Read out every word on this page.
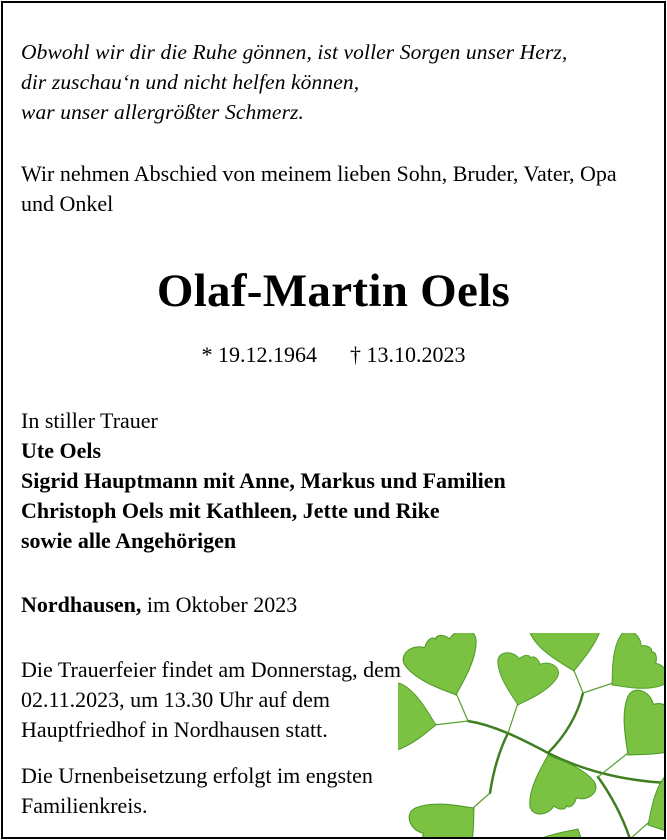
Obwohl wir dir die Ruhe gönnen, ist voller Sorgen unser Herz,
dir zuschau‘n und nicht helfen können,
war unser allergrößter Schmerz.
Wir nehmen Abschied von meinem lieben Sohn, Bruder, Vater, Opa und Onkel
Olaf-Martin Oels
* 19.12.1964 † 13.10.2023
In stiller Trauer
Ute Oels
Sigrid Hauptmann mit Anne, Markus und Familien
Christoph Oels mit Kathleen, Jette und Rike
sowie alle Angehörigen
Nordhausen, im Oktober 2023
Die Trauerfeier findet am Donnerstag, dem 02.11.2023, um 13.30 Uhr auf dem Hauptfriedhof in Nordhausen statt.
Die Urnenbeisetzung erfolgt im engsten Familienkreis.
